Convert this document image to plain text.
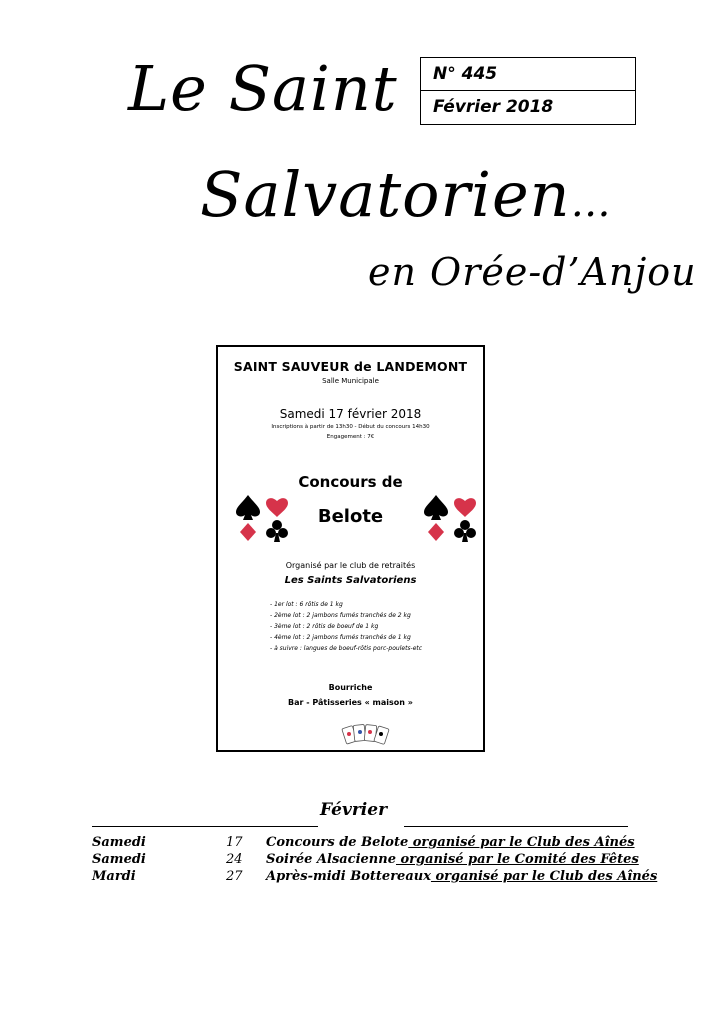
Le Saint
Salvatorien…
en Orée-d’Anjou
N° 445
Février 2018
SAINT SAUVEUR de LANDEMONT
Salle Municipale
Samedi 17 février 2018
Inscriptions à partir de 13h30 - Début du concours 14h30
Engagement : 7€
Concours de
Belote
Organisé par le club de retraités
Les Saints Salvatoriens
- 1er lot : 6 rôtis de 1 kg
- 2ème lot : 2 jambons fumés tranchés de 2 kg
- 3ème lot : 2 rôtis de boeuf de 1 kg
- 4ème lot : 2 jambons fumés tranchés de 1 kg
- à suivre : langues de boeuf-rôtis porc-poulets-etc
Bourriche
Bar - Pâtisseries « maison »
Février
Samedi	17 Concours de Belote organisé par le Club des Aînés
Samedi	24 Soirée Alsacienne organisé par le Comité des Fêtes
Mardi	27 Après-midi Bottereaux organisé par le Club des Aînés
